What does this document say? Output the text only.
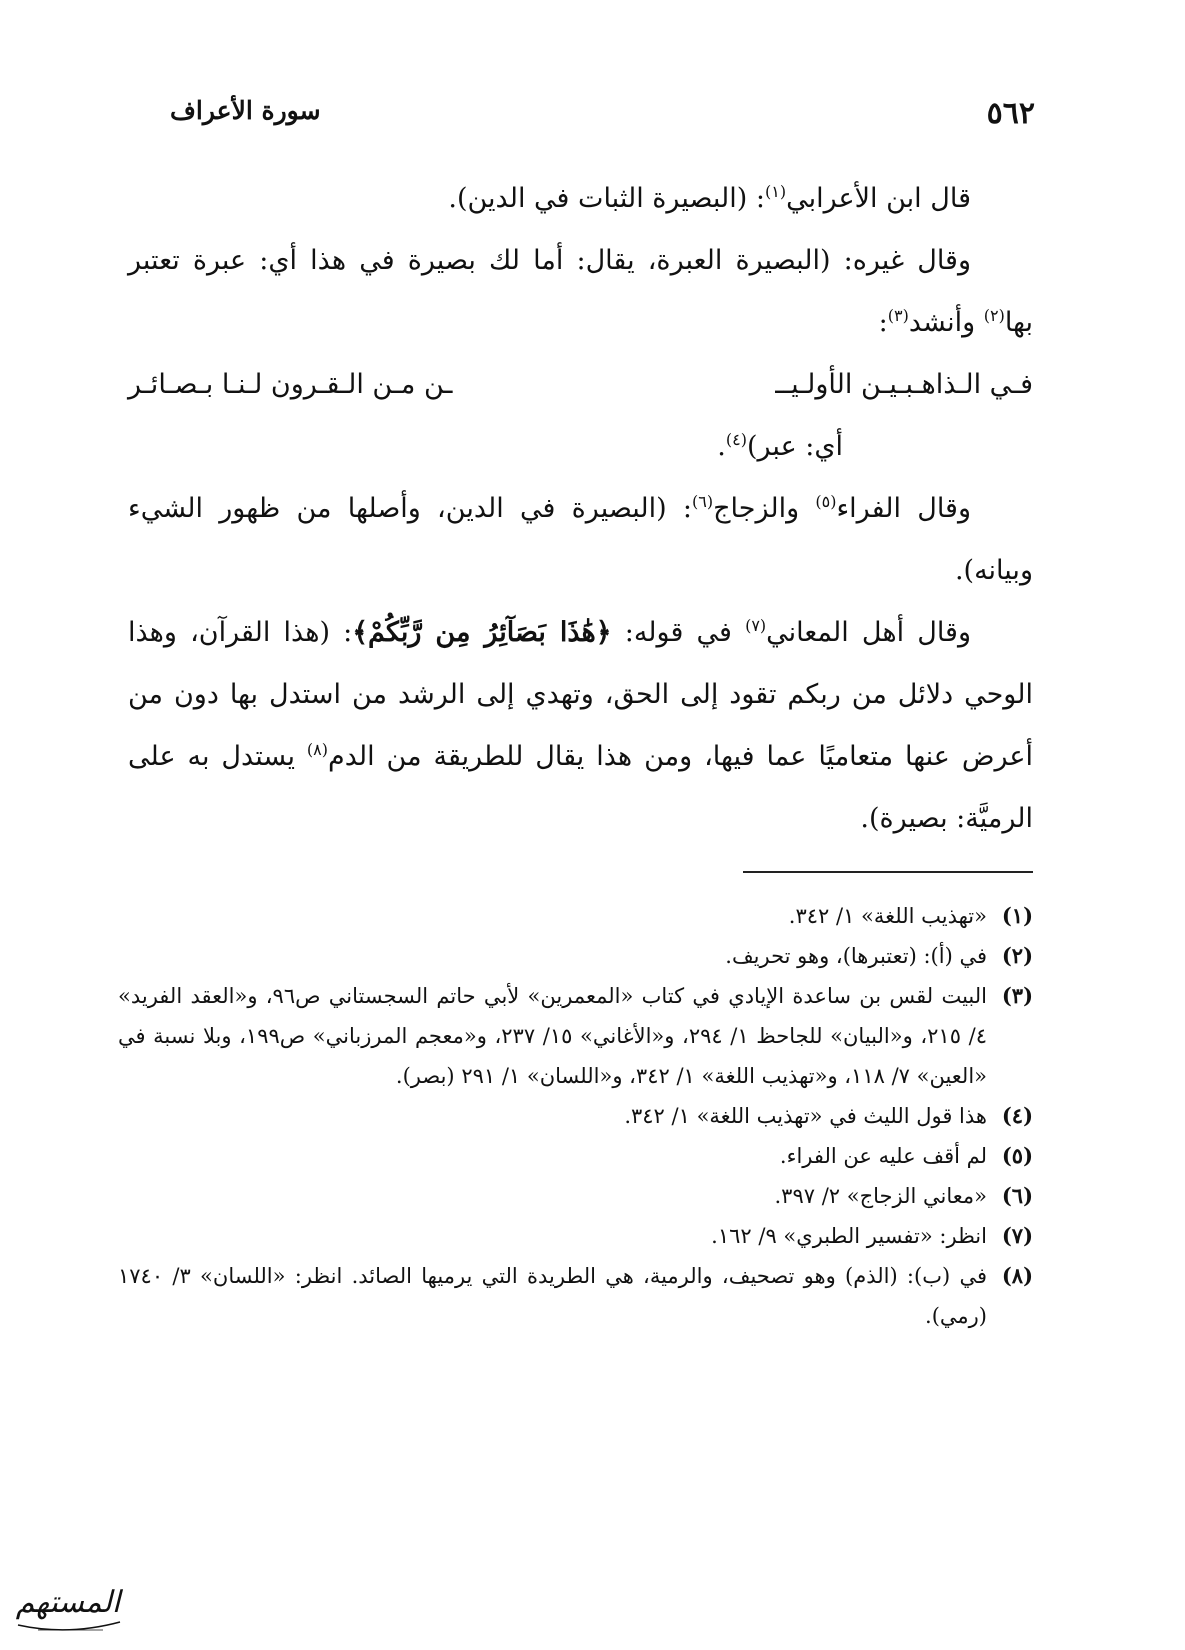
٥٦٢
سورة الأعراف

قال ابن الأعرابي$^{(١)}$: (البصيرة الثبات في الدين).

وقال غيره: (البصيرة العبرة، يقال: أما لك بصيرة في هذا أي: عبرة تعتبر بها$^{(٢)}$ وأنشد$^{(٣)}$:

فـي الـذاهـبـيـن الأولـيــ
ـن مـن الـقـرون لـنـا بـصـائـر

أي: عبر)$^{(٤)}$.

وقال الفراء$^{(٥)}$ والزجاج$^{(٦)}$: (البصيرة في الدين، وأصلها من ظهور الشيء وبيانه).

وقال أهل المعاني$^{(٧)}$ في قوله: ﴿هَٰذَا بَصَآئِرُ مِن رَّبِّكُمْ﴾: (هذا القرآن، وهذا الوحي دلائل من ربكم تقود إلى الحق، وتهدي إلى الرشد من استدل بها دون من أعرض عنها متعاميًا عما فيها، ومن هذا يقال للطريقة من الدم$^{(٨)}$ يستدل به على الرميَّة: بصيرة).

(١)
«تهذيب اللغة» ١/ ٣٤٢.
(٢)
في (أ): (تعتبرها)، وهو تحريف.
(٣)
البيت لقس بن ساعدة الإيادي في كتاب «المعمرين» لأبي حاتم السجستاني ص٩٦، و«العقد الفريد» ٤/ ٢١٥، و«البيان» للجاحظ ١/ ٢٩٤، و«الأغاني» ١٥/ ٢٣٧، و«معجم المرزباني» ص١٩٩، وبلا نسبة في «العين» ٧/ ١١٨، و«تهذيب اللغة» ١/ ٣٤٢، و«اللسان» ١/ ٢٩١ (بصر).
(٤)
هذا قول الليث في «تهذيب اللغة» ١/ ٣٤٢.
(٥)
لم أقف عليه عن الفراء.
(٦)
«معاني الزجاج» ٢/ ٣٩٧.
(٧)
انظر: «تفسير الطبري» ٩/ ١٦٢.
(٨)
في (ب): (الذم) وهو تصحيف، والرمية، هي الطريدة التي يرميها الصائد. انظر: «اللسان» ٣/ ١٧٤٠ (رمي).
المستهم
